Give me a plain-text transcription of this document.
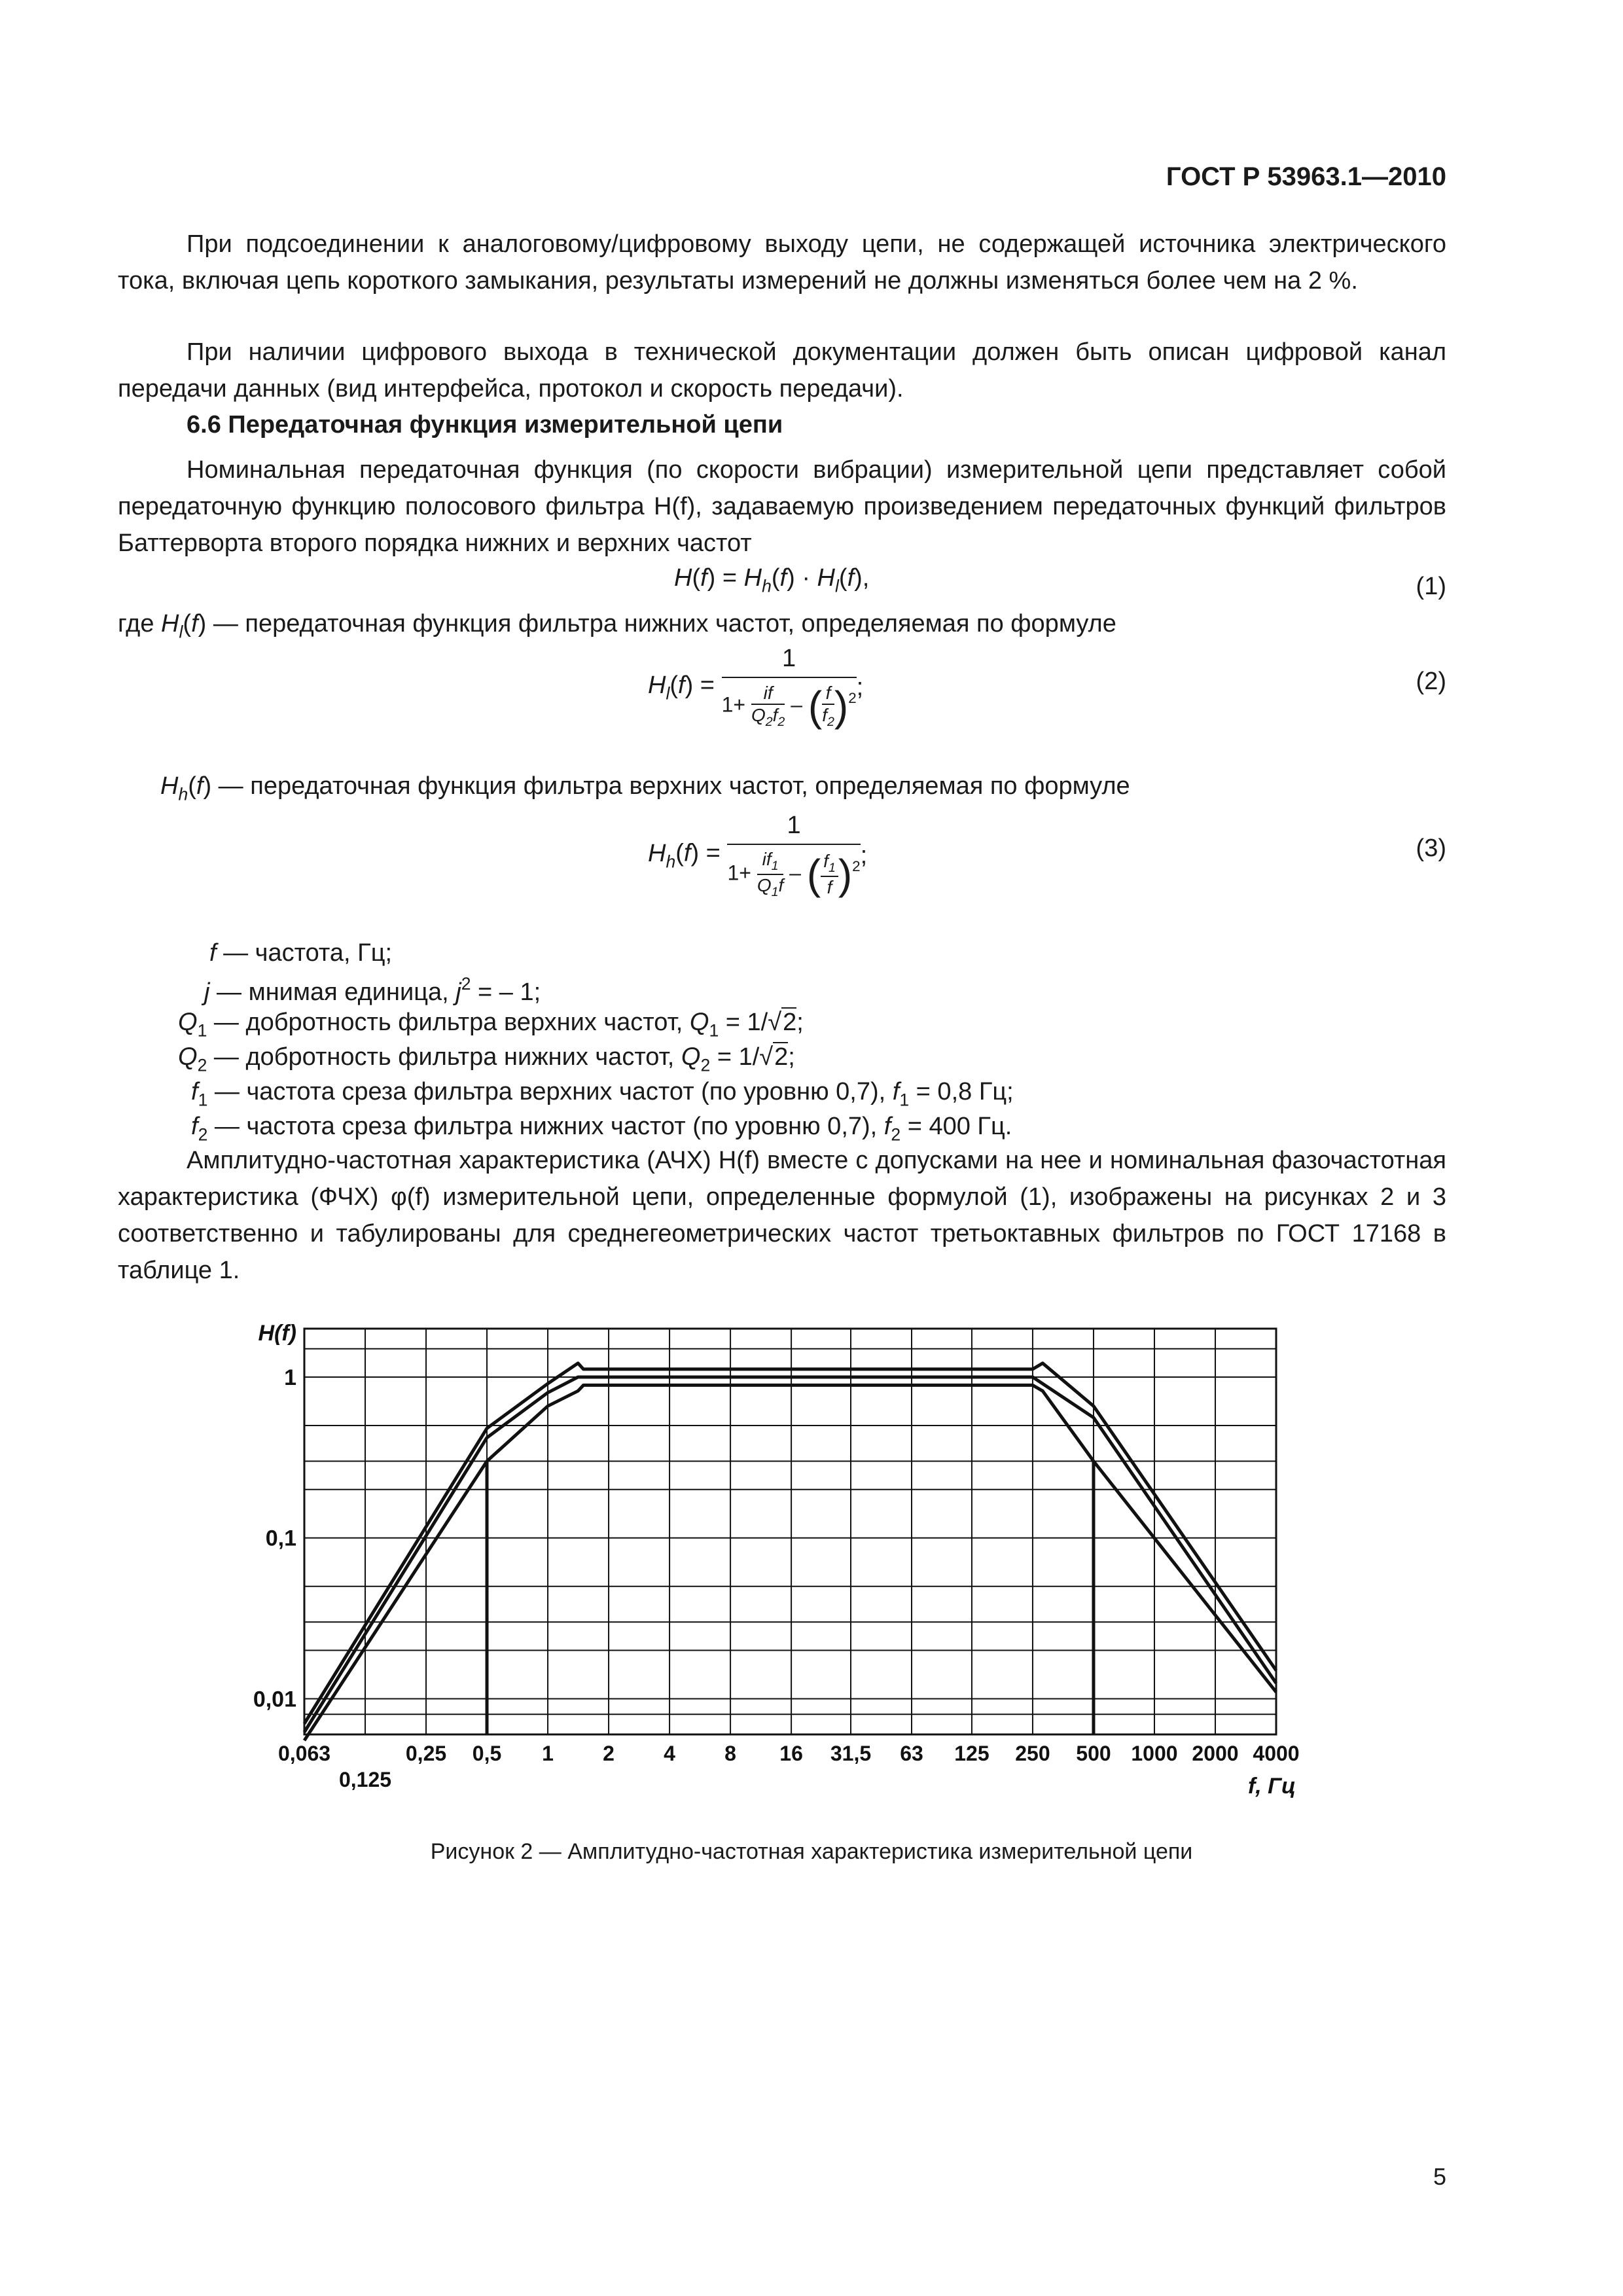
ГОСТ Р 53963.1—2010
При подсоединении к аналоговому/цифровому выходу цепи, не содержащей источника электрического тока, включая цепь короткого замыкания, результаты измерений не должны изменяться более чем на 2 %.
При наличии цифрового выхода в технической документации должен быть описан цифровой канал передачи данных (вид интерфейса, протокол и скорость передачи).
6.6 Передаточная функция измерительной цепи
Номинальная передаточная функция (по скорости вибрации) измерительной цепи представляет собой передаточную функцию полосового фильтра H(f), задаваемую произведением передаточных функций фильтров Баттерворта второго порядка нижних и верхних частот
$H(f) = H_h(f) \cdot H_l(f)$,	(1)
где $H_l(f)$ — передаточная функция фильтра нижних частот, определяемая по формуле
$H_l(f) = \frac{1}{1+ \frac{if}{Q_2f_2} - ( \frac{f}{f_2} )^2}$ ;	(2)
$H_h(f)$ — передаточная функция фильтра верхних частот, определяемая по формуле
$H_h(f) = \frac{1}{1+ \frac{if_1}{Q_1f} - ( \frac{f_1}{f} )^2}$ ;	(3)
f — частота, Гц;
j — мнимая единица, $j^2$ = – 1;
$Q_1$ — добротность фильтра верхних частот, $Q_1 = 1/√2$;
$Q_2$ — добротность фильтра нижних частот, $Q_2 = 1/√2$;
$f_1$ — частота среза фильтра верхних частот (по уровню 0,7), $f_1 = 0,8$ Гц;
$f_2$ — частота среза фильтра нижних частот (по уровню 0,7), $f_2 = 400$ Гц.
Амплитудно-частотная характеристика (АЧХ) H(f) вместе с допусками на нее и номинальная фазочастотная характеристика (ФЧХ) φ(f) измерительной цепи, определенные формулой (1), изображены на рисунках 2 и 3 соответственно и табулированы для среднегеометрических частот третьоктавных фильтров по ГОСТ 17168 в таблице 1.
1
0,1
0,01
H(f)
0,063
0,125
0,25 0,5 1 2 4 8 16 31,5 63 125 250 500 1000 2000 4000
f, Гц
Рисунок 2 — Амплитудно-частотная характеристика измерительной цепи
5
